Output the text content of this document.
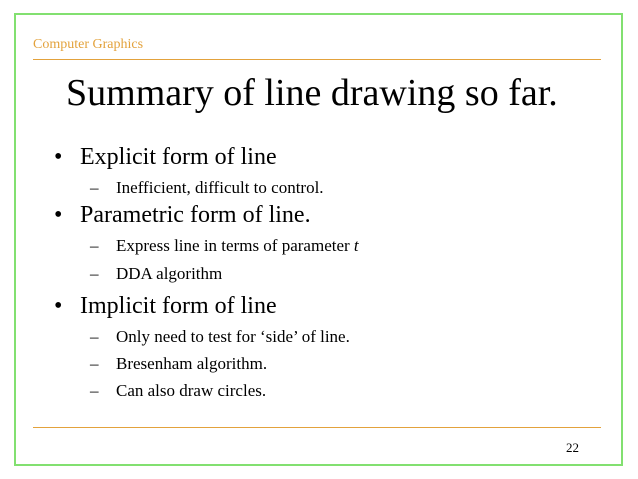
Computer Graphics
Summary of line drawing so far.
• Explicit form of line
– Inefficient, difficult to control.
• Parametric form of line.
– Express line in terms of parameter t
– DDA algorithm
• Implicit form of line
– Only need to test for ‘side’ of line.
– Bresenham algorithm.
– Can also draw circles.
22
